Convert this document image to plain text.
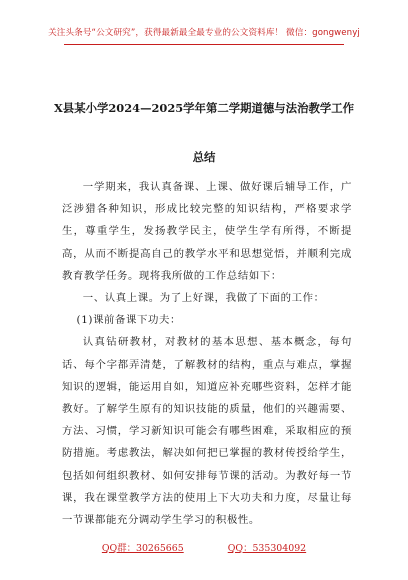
关注头条号“公文研究”，获得最新最全最专业的公文资料库！ 微信：gongwenyj
X县某小学2024—2025学年第二学期道德与法治教学工作
总结

一学期来，我认真备课、上课、做好课后辅导工作，广泛涉猎各种知识，形成比较完整的知识结构，严格要求学生，尊重学生，发扬教学民主，使学生学有所得，不断提高，从而不断提高自己的教学水平和思想觉悟，并顺利完成教育教学任务。现将我所做的工作总结如下：

一、认真上课。为了上好课，我做了下面的工作：

(1)课前备课下功夫：

认真钻研教材，对教材的基本思想、基本概念，每句话、每个字都弄清楚，了解教材的结构，重点与难点，掌握知识的逻辑，能运用自如，知道应补充哪些资料，怎样才能教好。了解学生原有的知识技能的质量，他们的兴趣需要、方法、习惯，学习新知识可能会有哪些困难，采取相应的预防措施。考虑教法，解决如何把已掌握的教材传授给学生，包括如何组织教材、如何安排每节课的活动。为教好每一节课，我在课堂教学方法的使用上下大功夫和力度，尽量让每一节课都能充分调动学生学习的积极性。

QQ群：30265665	QQ：535304092
